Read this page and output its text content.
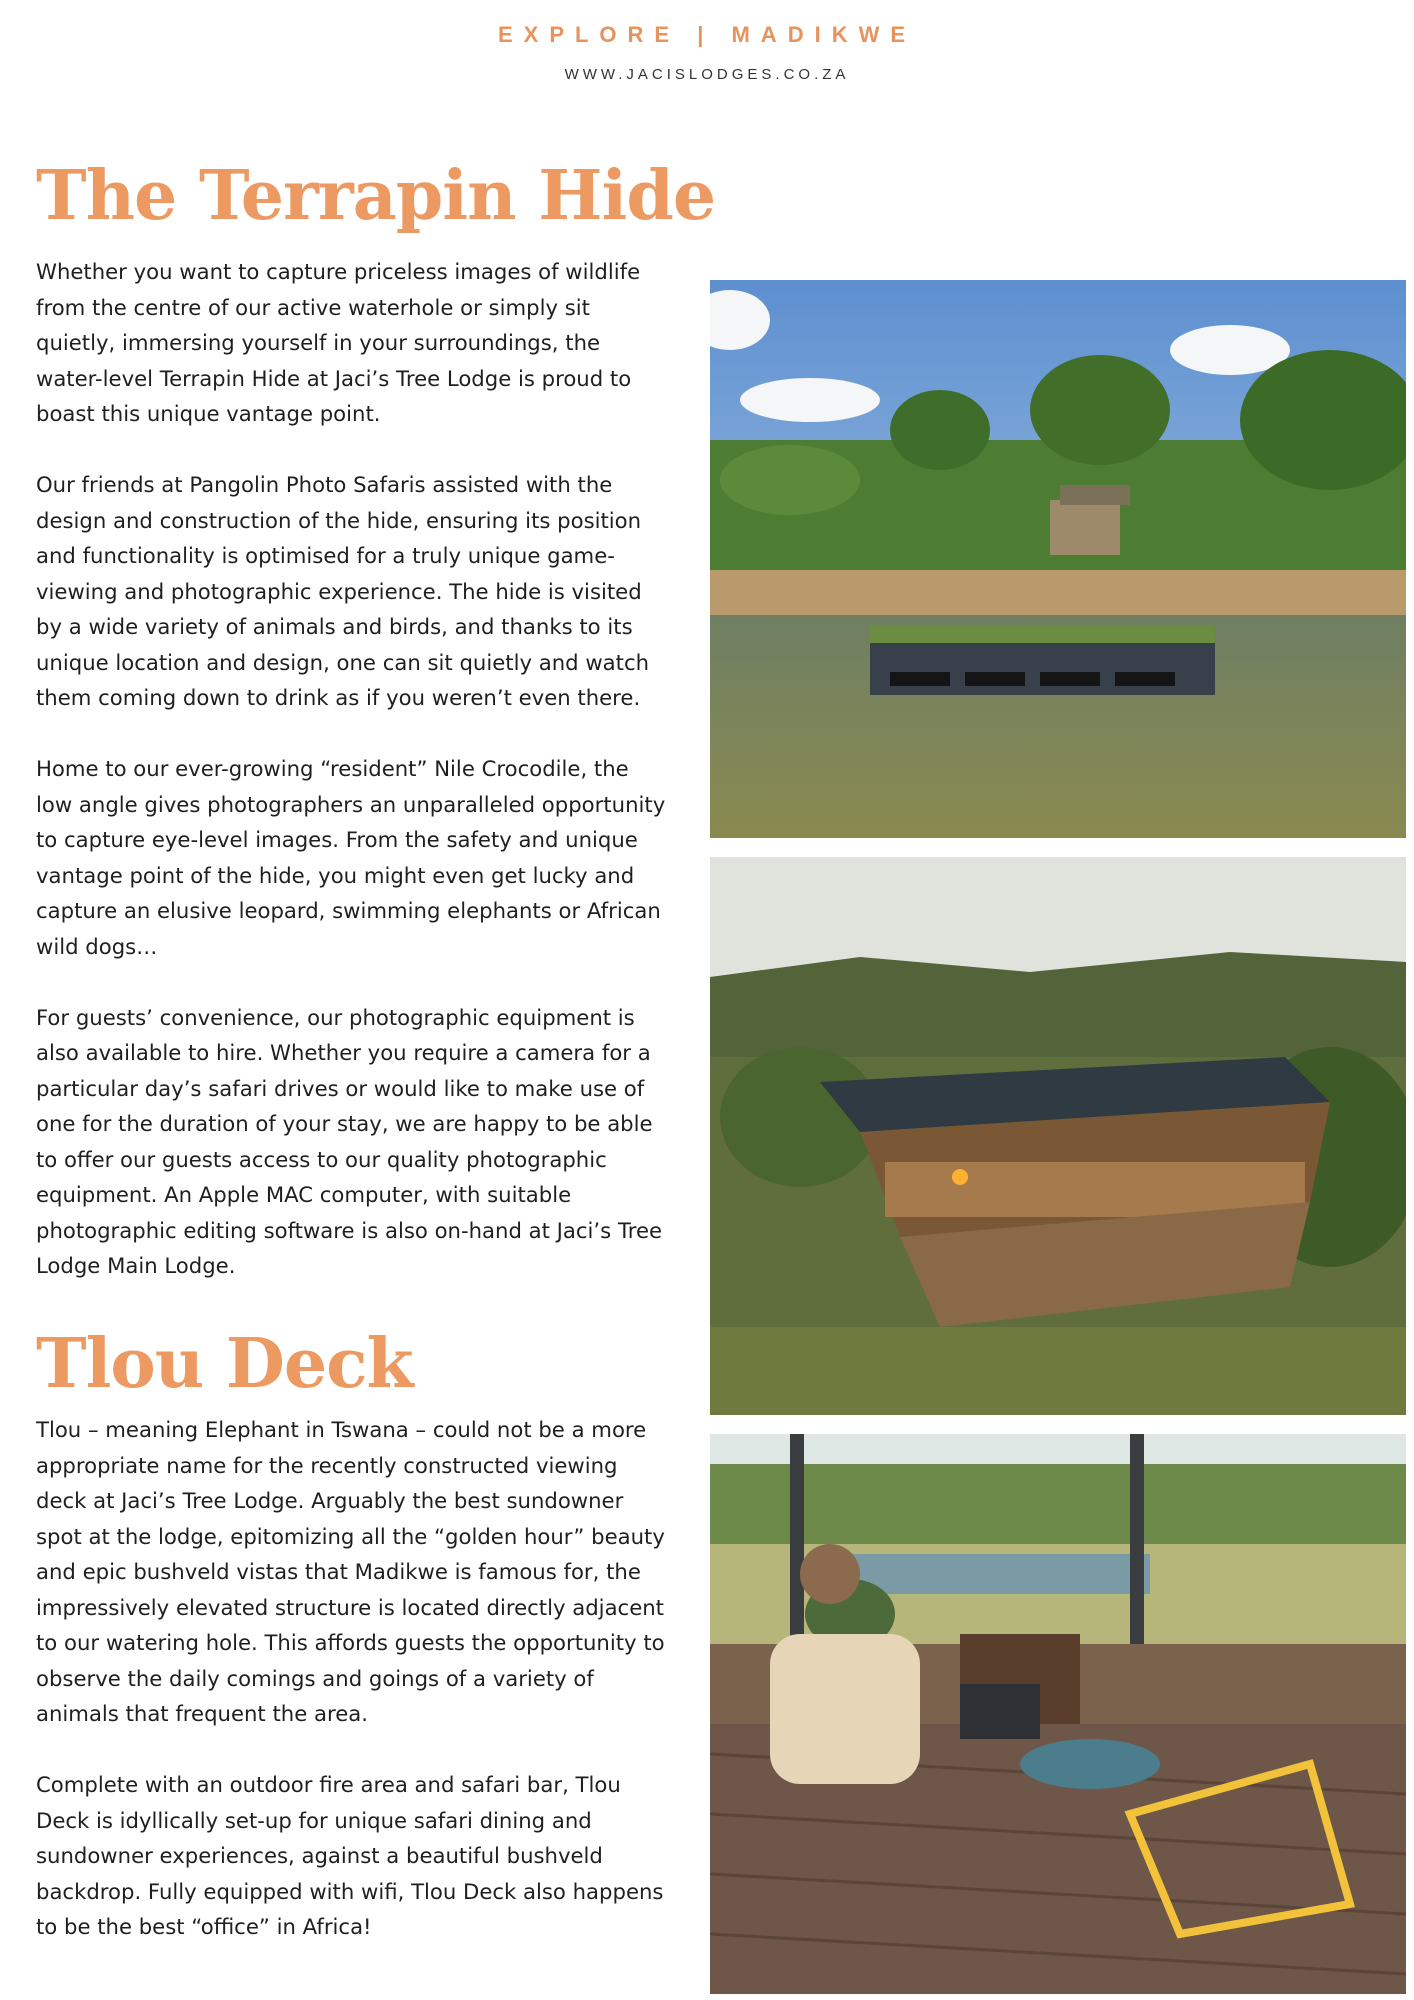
EXPLORE | MADIKWE
WWW.JACISLODGES.CO.ZA
The Terrapin Hide

Whether you want to capture priceless images of wildlife from the centre of our active waterhole or simply sit quietly, immersing yourself in your surroundings, the water-level Terrapin Hide at Jaci’s Tree Lodge is proud to boast this unique vantage point.

Our friends at Pangolin Photo Safaris assisted with the design and construction of the hide, ensuring its position and functionality is optimised for a truly unique game-viewing and photographic experience. The hide is visited by a wide variety of animals and birds, and thanks to its unique location and design, one can sit quietly and watch them coming down to drink as if you weren’t even there.

Home to our ever-growing “resident” Nile Crocodile, the low angle gives photographers an unparalleled opportunity to capture eye-level images. From the safety and unique vantage point of the hide, you might even get lucky and capture an elusive leopard, swimming elephants or African wild dogs…

For guests’ convenience, our photographic equipment is also available to hire. Whether you require a camera for a particular day’s safari drives or would like to make use of one for the duration of your stay, we are happy to be able to offer our guests access to our quality photographic equipment. An Apple MAC computer, with suitable photographic editing software is also on-hand at Jaci’s Tree Lodge Main Lodge.

Tlou Deck

Tlou – meaning Elephant in Tswana – could not be a more appropriate name for the recently constructed viewing deck at Jaci’s Tree Lodge. Arguably the best sundowner spot at the lodge, epitomizing all the “golden hour” beauty and epic bushveld vistas that Madikwe is famous for, the impressively elevated structure is located directly adjacent to our watering hole. This affords guests the opportunity to observe the daily comings and goings of a variety of animals that frequent the area.

Complete with an outdoor fire area and safari bar, Tlou Deck is idyllically set-up for unique safari dining and sundowner experiences, against a beautiful bushveld backdrop. Fully equipped with wifi, Tlou Deck also happens to be the best “office” in Africa!
